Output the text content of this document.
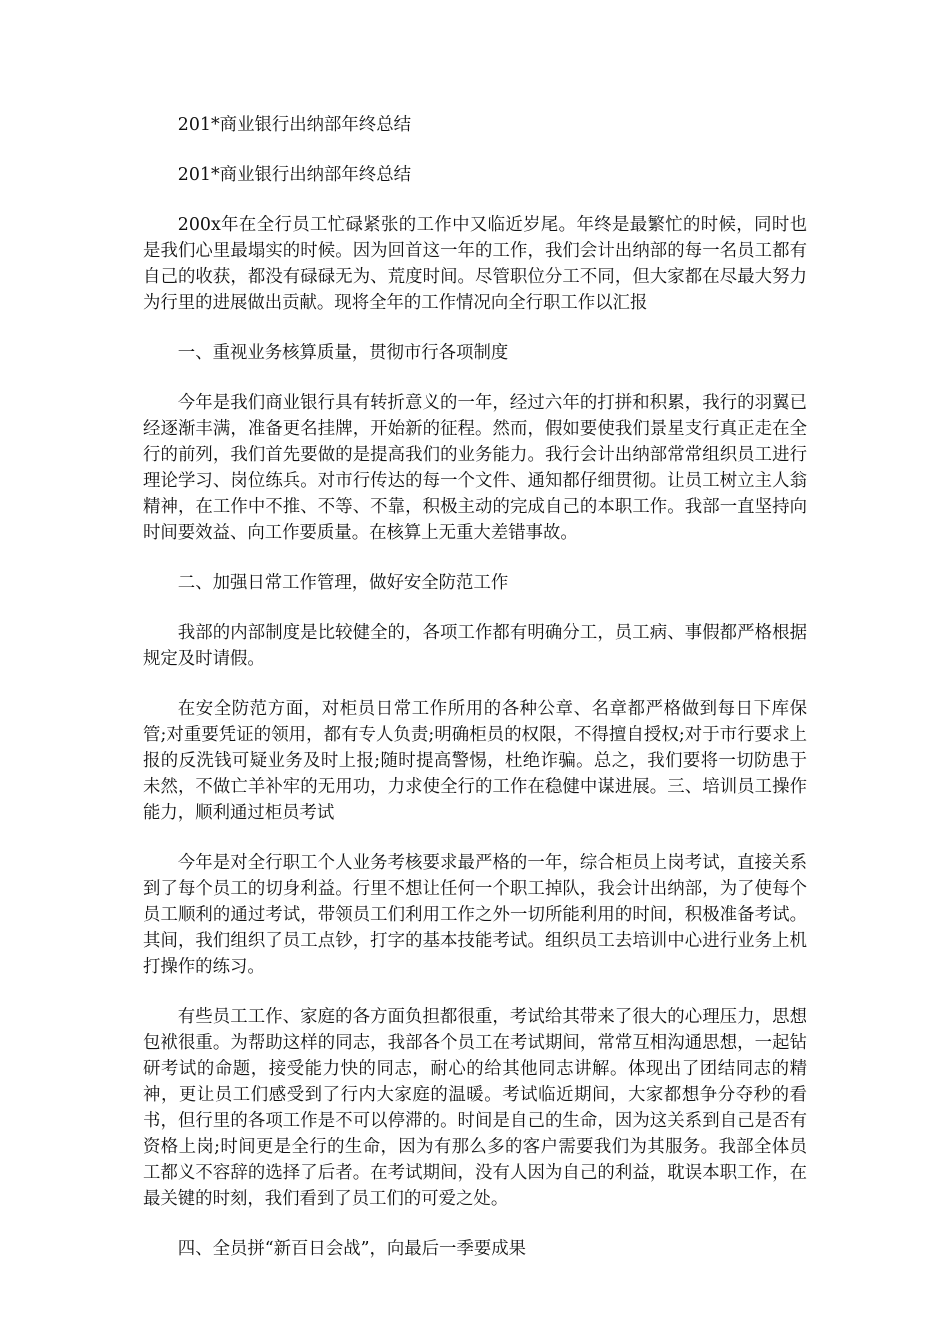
201*商业银行出纳部年终总结

201*商业银行出纳部年终总结

200x年在全行员工忙碌紧张的工作中又临近岁尾。年终是最繁忙的时候，同时也是我们心里最塌实的时候。因为回首这一年的工作，我们会计出纳部的每一名员工都有自己的收获，都没有碌碌无为、荒度时间。尽管职位分工不同，但大家都在尽最大努力为行里的进展做出贡献。现将全年的工作情况向全行职工作以汇报

一、重视业务核算质量，贯彻市行各项制度

今年是我们商业银行具有转折意义的一年，经过六年的打拼和积累，我行的羽翼已经逐渐丰满，准备更名挂牌，开始新的征程。然而，假如要使我们景星支行真正走在全行的前列，我们首先要做的是提高我们的业务能力。我行会计出纳部常常组织员工进行理论学习、岗位练兵。对市行传达的每一个文件、通知都仔细贯彻。让员工树立主人翁精神，在工作中不推、不等、不靠，积极主动的完成自己的本职工作。我部一直坚持向时间要效益、向工作要质量。在核算上无重大差错事故。

二、加强日常工作管理，做好安全防范工作

我部的内部制度是比较健全的，各项工作都有明确分工，员工病、事假都严格根据规定及时请假。

在安全防范方面，对柜员日常工作所用的各种公章、名章都严格做到每日下库保管;对重要凭证的领用，都有专人负责;明确柜员的权限，不得擅自授权;对于市行要求上报的反洗钱可疑业务及时上报;随时提高警惕，杜绝诈骗。总之，我们要将一切防患于未然，不做亡羊补牢的无用功，力求使全行的工作在稳健中谋进展。三、培训员工操作能力，顺利通过柜员考试

今年是对全行职工个人业务考核要求最严格的一年，综合柜员上岗考试，直接关系到了每个员工的切身利益。行里不想让任何一个职工掉队，我会计出纳部，为了使每个员工顺利的通过考试，带领员工们利用工作之外一切所能利用的时间，积极准备考试。其间，我们组织了员工点钞，打字的基本技能考试。组织员工去培训中心进行业务上机打操作的练习。

有些员工工作、家庭的各方面负担都很重，考试给其带来了很大的心理压力，思想包袱很重。为帮助这样的同志，我部各个员工在考试期间，常常互相沟通思想，一起钻研考试的命题，接受能力快的同志，耐心的给其他同志讲解。体现出了团结同志的精神，更让员工们感受到了行内大家庭的温暖。考试临近期间，大家都想争分夺秒的看书，但行里的各项工作是不可以停滞的。时间是自己的生命，因为这关系到自己是否有资格上岗;时间更是全行的生命，因为有那么多的客户需要我们为其服务。我部全体员工都义不容辞的选择了后者。在考试期间，没有人因为自己的利益，耽误本职工作，在最关键的时刻，我们看到了员工们的可爱之处。

四、全员拼“新百日会战”，向最后一季要成果
